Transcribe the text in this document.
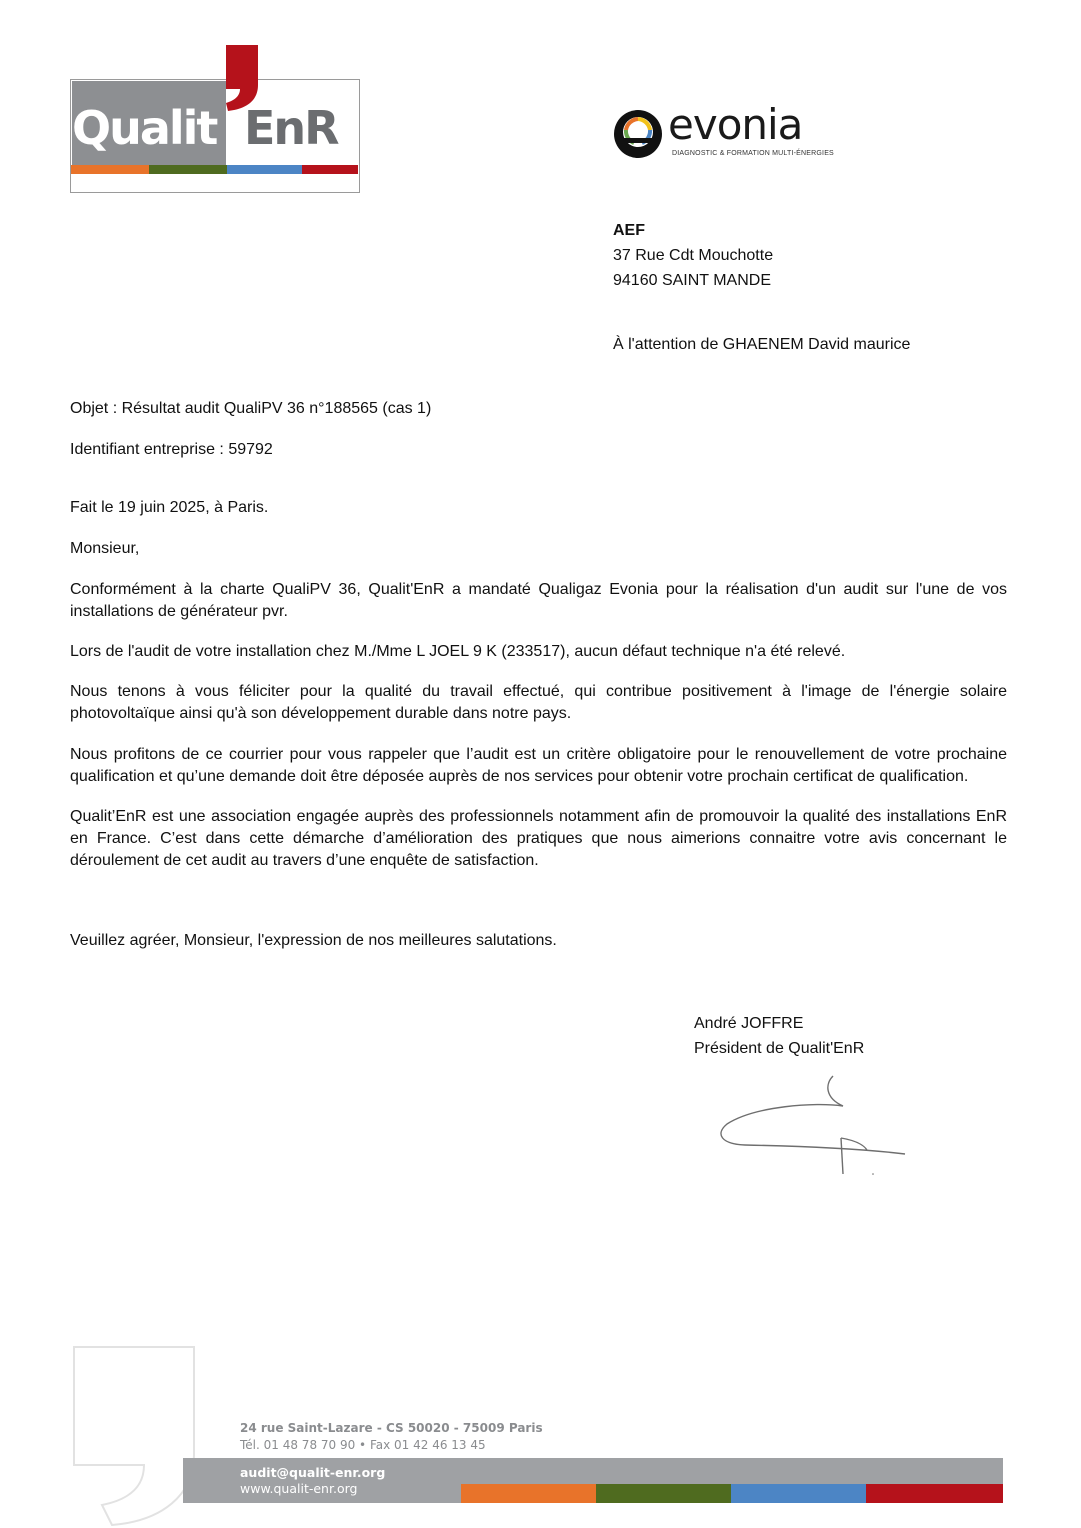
Qualit EnR	evonia
DIAGNOSTIC & FORMATION MULTI-ÉNERGIES
AEF
37 Rue Cdt Mouchotte
94160 SAINT MANDE
À l'attention de GHAENEM David maurice
Objet : Résultat audit QualiPV 36 n°188565 (cas 1)
Identifiant entreprise : 59792
Fait le 19 juin 2025, à Paris.
Monsieur,
Conformément à la charte QualiPV 36, Qualit'EnR a mandaté Qualigaz Evonia pour la réalisation d'un audit sur l'une de vos installations de générateur pvr.
Lors de l'audit de votre installation chez M./Mme L JOEL 9 K (233517), aucun défaut technique n'a été relevé.
Nous tenons à vous féliciter pour la qualité du travail effectué, qui contribue positivement à l'image de l'énergie solaire photovoltaïque ainsi qu'à son développement durable dans notre pays.
Nous profitons de ce courrier pour vous rappeler que l’audit est un critère obligatoire pour le renouvellement de votre prochaine qualification et qu’une demande doit être déposée auprès de nos services pour obtenir votre prochain certificat de qualification.
Qualit’EnR est une association engagée auprès des professionnels notamment afin de promouvoir la qualité des installations EnR en France. C’est dans cette démarche d’amélioration des pratiques que nous aimerions connaitre votre avis concernant le déroulement de cet audit au travers d’une enquête de satisfaction.
Veuillez agréer, Monsieur, l'expression de nos meilleures salutations.
André JOFFRE
Président de Qualit'EnR
24 rue Saint-Lazare - CS 50020 - 75009 Paris
Tél. 01 48 78 70 90 • Fax 01 42 46 13 45
audit@qualit-enr.org
www.qualit-enr.org
